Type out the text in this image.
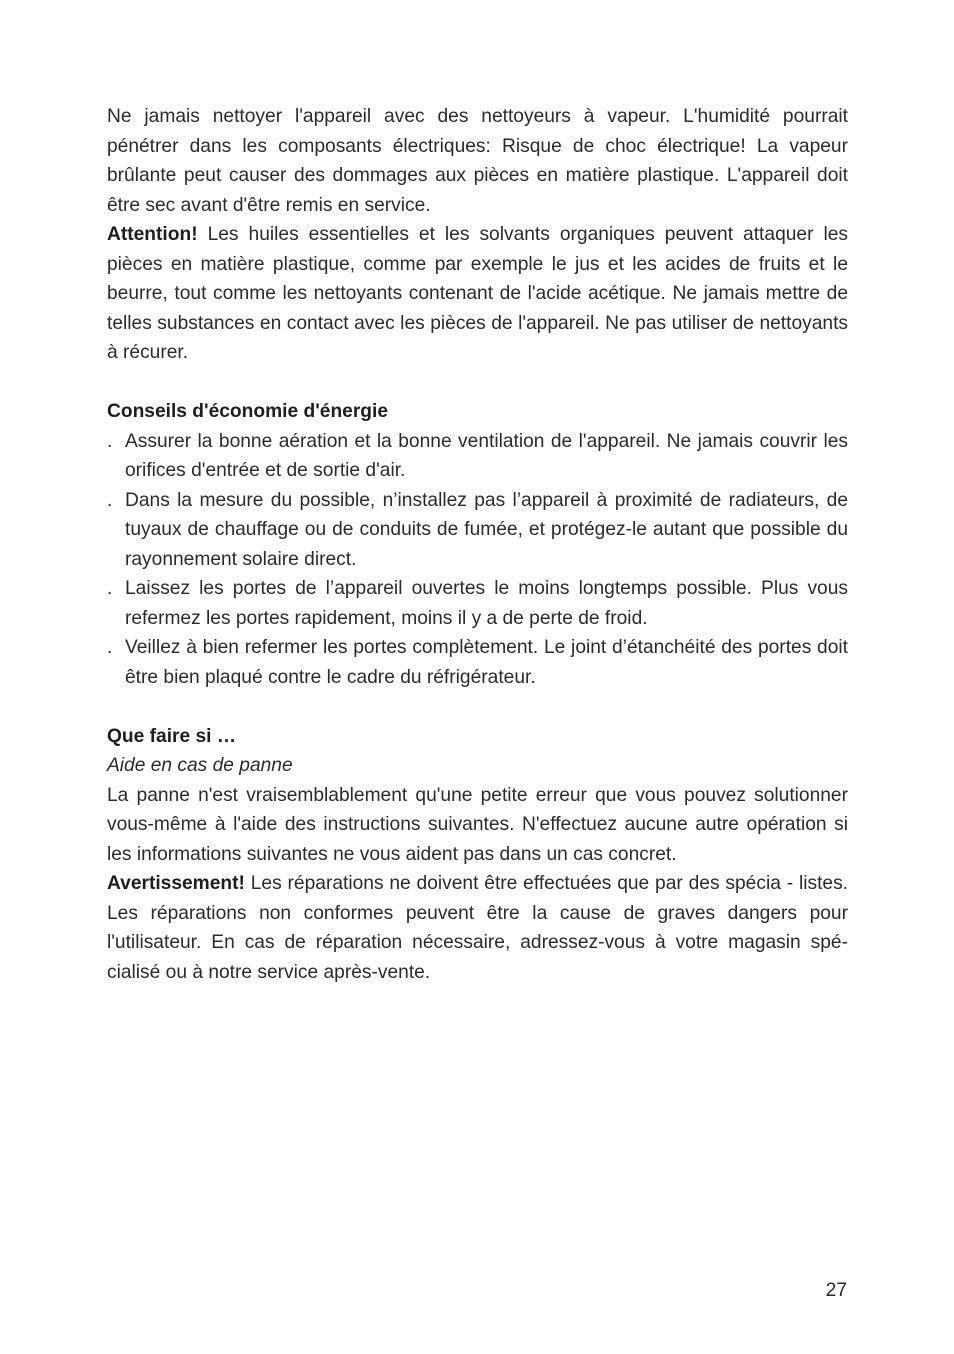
Ne jamais nettoyer l'appareil avec des nettoyeurs à vapeur. L'humidité pourrait pénétrer dans les composants électriques: Risque de choc électrique! La vapeur brûlante peut causer des dommages aux pièces en matière plastique. L'appareil doit être sec avant d'être remis en service.

Attention! Les huiles essentielles et les solvants organiques peuvent attaquer les pièces en matière plastique, comme par exemple le jus et les acides de fruits et le beurre, tout comme les nettoyants contenant de l'acide acétique. Ne jamais mettre de telles substances en contact avec les pièces de l'appareil. Ne pas utiliser de nettoyants à récurer.

Conseils d'économie d'énergie

. Assurer la bonne aération et la bonne ventilation de l'appareil. Ne jamais couvrir les orifices d'entrée et de sortie d'air.
. Dans la mesure du possible, n’installez pas l’appareil à proximité de radiateurs, de tuyaux de chauffage ou de conduits de fumée, et protégez-le autant que possible du rayonnement solaire direct.
. Laissez les portes de l’appareil ouvertes le moins longtemps possible. Plus vous refermez les portes rapidement, moins il y a de perte de froid.
. Veillez à bien refermer les portes complètement. Le joint d’étanchéité des portes doit être bien plaqué contre le cadre du réfrigérateur.

Que faire si …

Aide en cas de panne

La panne n'est vraisemblablement qu'une petite erreur que vous pouvez solutionner vous-même à l'aide des instructions suivantes. N'effectuez aucune autre opération si les informations suivantes ne vous aident pas dans un cas concret.

Avertissement! Les réparations ne doivent être effectuées que par des spécia - listes. Les réparations non conformes peuvent être la cause de graves dangers pour l'utilisateur. En cas de réparation nécessaire, adressez-vous à votre magasin spé- cialisé ou à notre service après-vente.

27
